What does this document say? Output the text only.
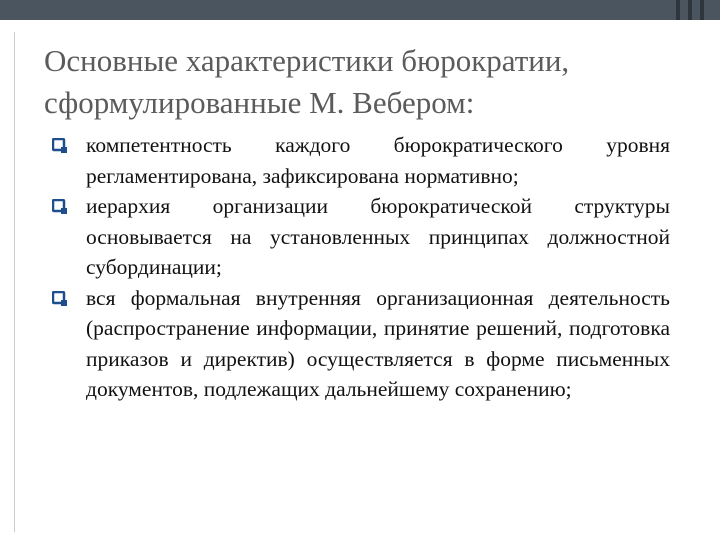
Основные характеристики бюрократии,
сформулированные М. Вебером:
компетентность каждого бюрократического уровня регламентирована, зафиксирована нормативно;
иерархия организации бюрократической структуры основывается на установленных принципах должностной субординации;
вся формальная внутренняя организационная деятельность (распространение информации, принятие решений, подготовка приказов и директив) осуществляется в форме письменных документов, подлежащих дальнейшему сохранению;
